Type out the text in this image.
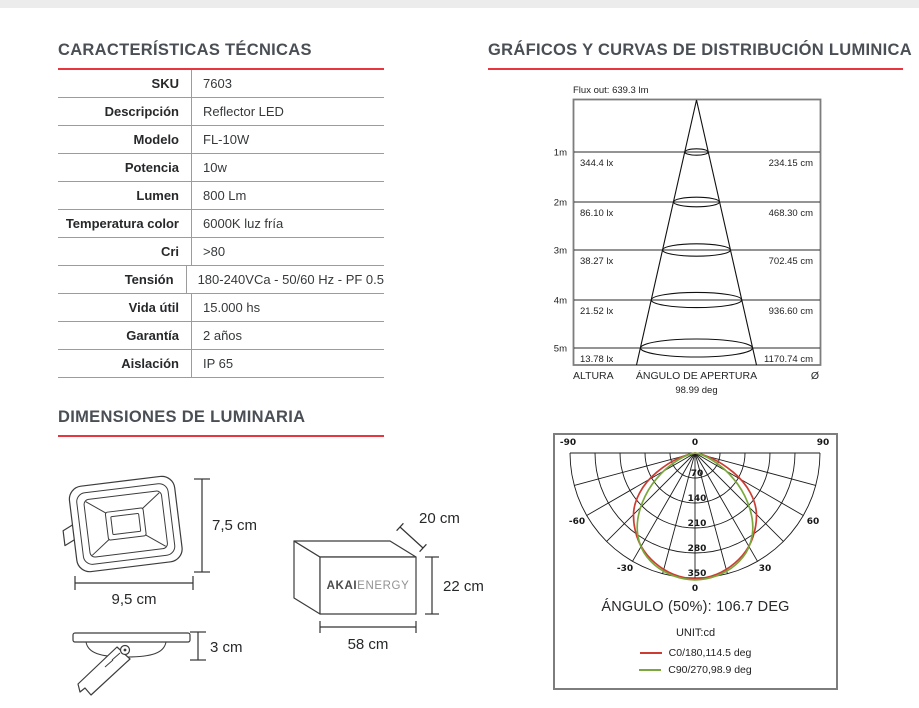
CARACTERÍSTICAS TÉCNICAS
SKU	7603
Descripción	Reflector LED
Modelo	FL-10W
Potencia	10w
Lumen	800 Lm
Temperatura color	6000K luz fría
Cri	>80
Tensión	180-240VCa - 50/60 Hz - PF 0.5
Vida útil	15.000 hs
Garantía	2 años
Aislación	IP 65
DIMENSIONES DE LUMINARIA
7,5 cm
9,5 cm
3 cm
AKAIENERGY
20 cm
22 cm
58 cm
GRÁFICOS Y CURVAS DE DISTRIBUCIÓN LUMINICA
Flux out: 639.3 lm
1m
2m
3m
4m
5m
344.4 lx
86.10 lx
38.27 lx
21.52 lx
13.78 lx
234.15 cm
468.30 cm
702.45 cm
936.60 cm
1170.74 cm
ALTURA ÁNGULO DE APERTURA	Ø
98.99 deg
70
140
210
280
350
-90	0	90
-60
-30
0
30
60
ÁNGULO (50%): 106.7 DEG
UNIT:cd
C0/180,114.5 deg
C90/270,98.9 deg
